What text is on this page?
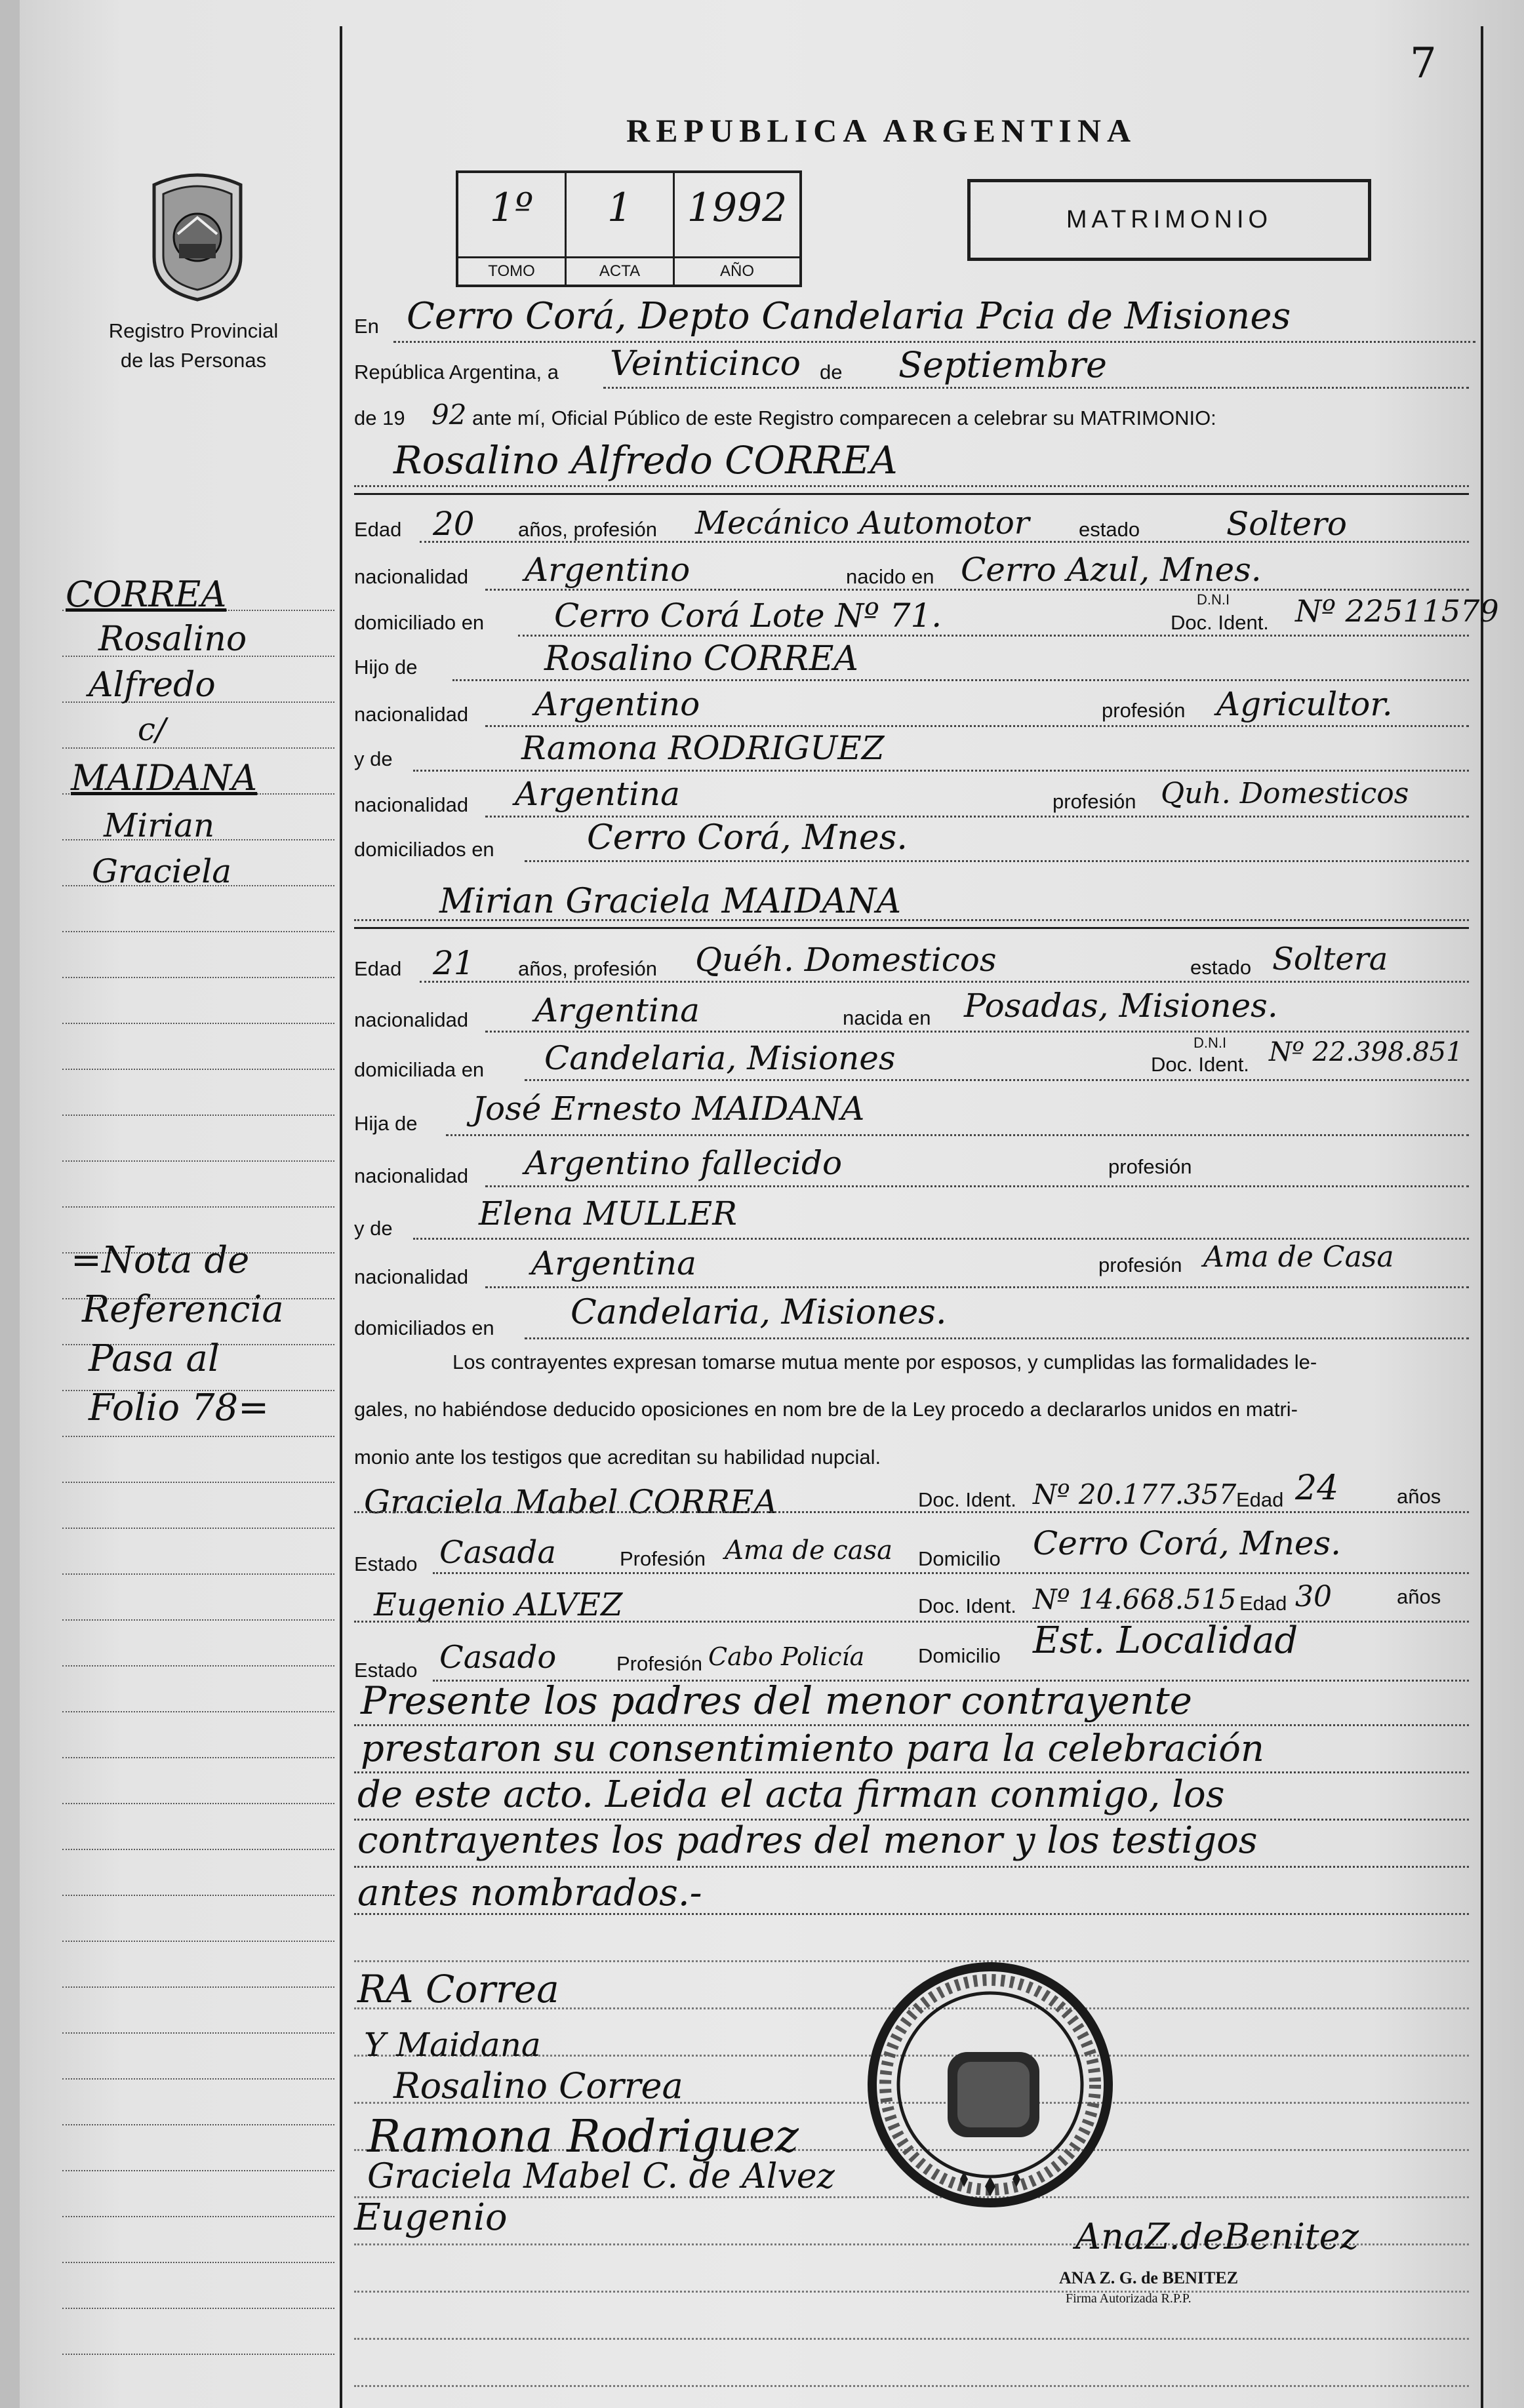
7
REPUBLICA ARGENTINA
Registro Provincial
de las Personas
1º
TOMO
1
ACTA
1992
AÑO
MATRIMONIO
CORREA
Rosalino
Alfredo
c/
MAIDANA
Mirian
Graciela
=Nota de
Referencia
Pasa al
Folio 78=
En Cerro Corá, Depto Candelaria Pcia de Misiones
República Argentina, a Veinticinco de Septiembre
de 19 92 ante mí, Oficial Público de este Registro comparecen a celebrar su MATRIMONIO:
Rosalino Alfredo CORREA
Edad 20 años, profesión Mecánico Automotor estado	Soltero
nacionalidad Argentino	nacido en Cerro Azul, Mnes.
domiciliado en Cerro Corá Lote Nº 71.	D.N.I
Doc. Ident. Nº 22511579
Hijo de	Rosalino CORREA
nacionalidad Argentino	profesión Agricultor.
y de	Ramona RODRIGUEZ
nacionalidad Argentina	profesión Quh. Domesticos
domiciliados en	Cerro Corá, Mnes.
Mirian Graciela MAIDANA
Edad 21 años, profesión Quéh. Domesticos	estado Soltera
nacionalidad Argentina	nacida en Posadas, Misiones.
domiciliada en Candelaria, Misiones	D.N.I
Doc. Ident. Nº 22.398.851
Hija de José Ernesto MAIDANA
nacionalidad Argentino fallecido	profesión
y de	Elena MULLER
nacionalidad Argentina	profesión Ama de Casa
domiciliados en Candelaria, Misiones.
Los contrayentes expresan tomarse mutua mente por esposos, y cumplidas las formalidades le-
gales, no habiéndose deducido oposiciones en nom bre de la Ley procedo a declararlos unidos en matri-
monio ante los testigos que acreditan su habilidad nupcial.
Graciela Mabel CORREA	Doc. Ident. Nº 20.177.357 Edad 24	años
Estado Casada	Profesión Ama de casa Domicilio Cerro Corá, Mnes.
Eugenio ALVEZ	Doc. Ident. Nº 14.668.515 Edad 30	años
Estado Casado	Profesión Cabo Policía	Domicilio Est. Localidad
Presente los padres del menor contrayente
prestaron su consentimiento para la celebración
de este acto. Leida el acta firman conmigo, los
contrayentes los padres del menor y los testigos
antes nombrados.-
RA Correa
Y Maidana
Rosalino Correa
Ramona Rodriguez
Graciela Mabel C. de Alvez
Eugenio	AnaZ.deBenitez
ANA Z. G. de BENITEZ
Firma Autorizada R.P.P.
